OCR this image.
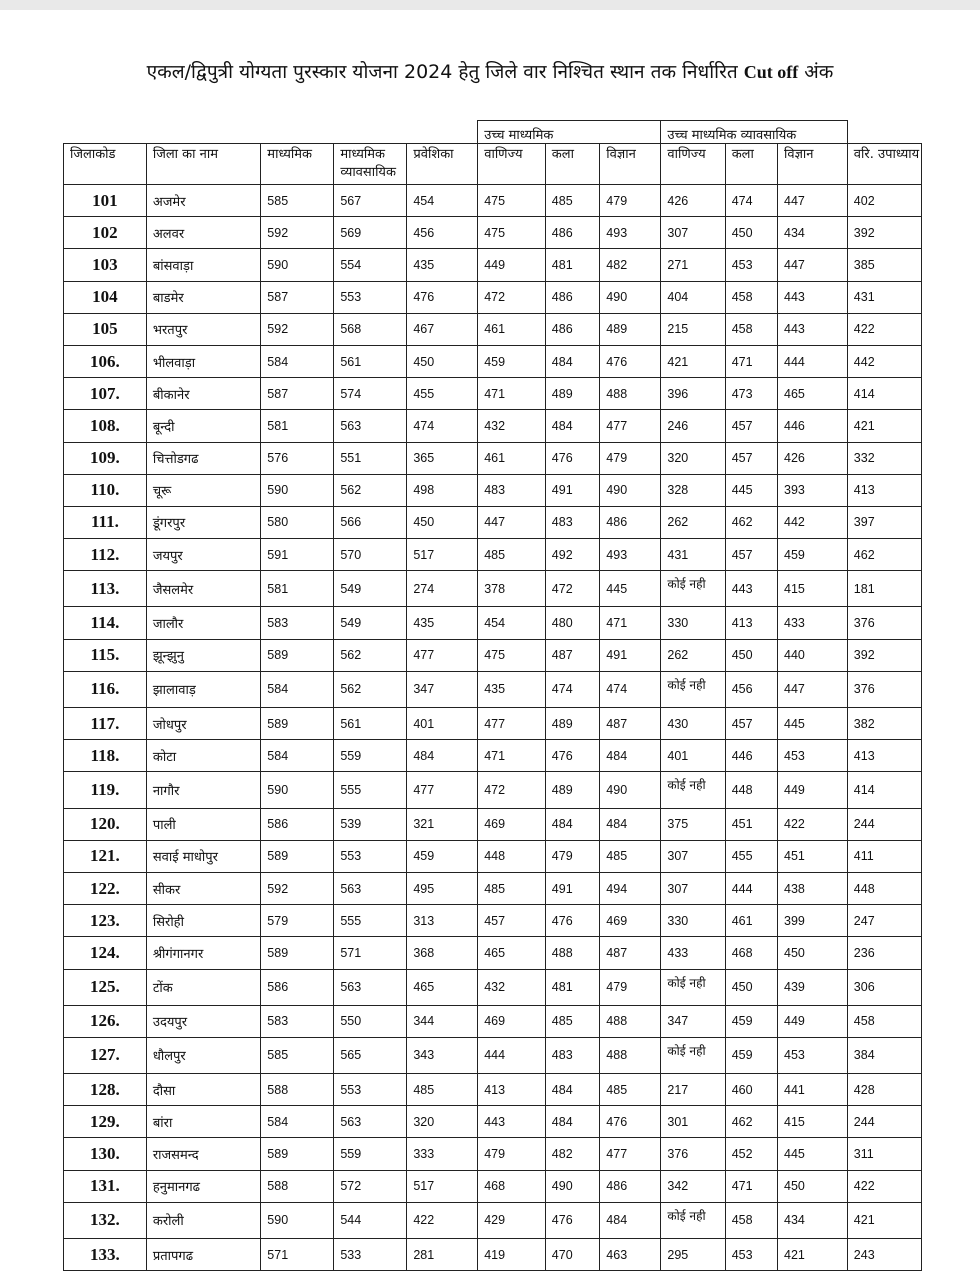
एकल/द्विपुत्री योग्यता पुरस्कार योजना 2024 हेतु जिले वार निश्चित स्थान तक निर्धारित Cut off अंक
					उच्च माध्यमिक			उच्च माध्यमिक व्यावसायिक			
जिलाकोड	जिला का नाम	माध्यमिक	माध्यमिक व्यावसायिक	प्रवेशिका	वाणिज्य	कला	विज्ञान	वाणिज्य	कला	विज्ञान	वरि. उपाध्याय
101	अजमेर	585	567	454	475	485	479	426	474	447	402
102	अलवर	592	569	456	475	486	493	307	450	434	392
103	बांसवाड़ा	590	554	435	449	481	482	271	453	447	385
104	बाडमेर	587	553	476	472	486	490	404	458	443	431
105	भरतपुर	592	568	467	461	486	489	215	458	443	422
106.	भीलवाड़ा	584	561	450	459	484	476	421	471	444	442
107.	बीकानेर	587	574	455	471	489	488	396	473	465	414
108.	बून्दी	581	563	474	432	484	477	246	457	446	421
109.	चित्तोडगढ	576	551	365	461	476	479	320	457	426	332
110.	चूरू	590	562	498	483	491	490	328	445	393	413
111.	डूंगरपुर	580	566	450	447	483	486	262	462	442	397
112.	जयपुर	591	570	517	485	492	493	431	457	459	462
113.	जैसलमेर	581	549	274	378	472	445	कोई नही	443	415	181
114.	जालौर	583	549	435	454	480	471	330	413	433	376
115.	झून्झुनु	589	562	477	475	487	491	262	450	440	392
116.	झालावाड़	584	562	347	435	474	474	कोई नही	456	447	376
117.	जोधपुर	589	561	401	477	489	487	430	457	445	382
118.	कोटा	584	559	484	471	476	484	401	446	453	413
119.	नागौर	590	555	477	472	489	490	कोई नही	448	449	414
120.	पाली	586	539	321	469	484	484	375	451	422	244
121.	सवाई माधोपुर	589	553	459	448	479	485	307	455	451	411
122.	सीकर	592	563	495	485	491	494	307	444	438	448
123.	सिरोही	579	555	313	457	476	469	330	461	399	247
124.	श्रीगंगानगर	589	571	368	465	488	487	433	468	450	236
125.	टोंक	586	563	465	432	481	479	कोई नही	450	439	306
126.	उदयपुर	583	550	344	469	485	488	347	459	449	458
127.	धौलपुर	585	565	343	444	483	488	कोई नही	459	453	384
128.	दौसा	588	553	485	413	484	485	217	460	441	428
129.	बांरा	584	563	320	443	484	476	301	462	415	244
130.	राजसमन्द	589	559	333	479	482	477	376	452	445	311
131.	हनुमानगढ	588	572	517	468	490	486	342	471	450	422
132.	करोली	590	544	422	429	476	484	कोई नही	458	434	421
133.	प्रतापगढ	571	533	281	419	470	463	295	453	421	243
